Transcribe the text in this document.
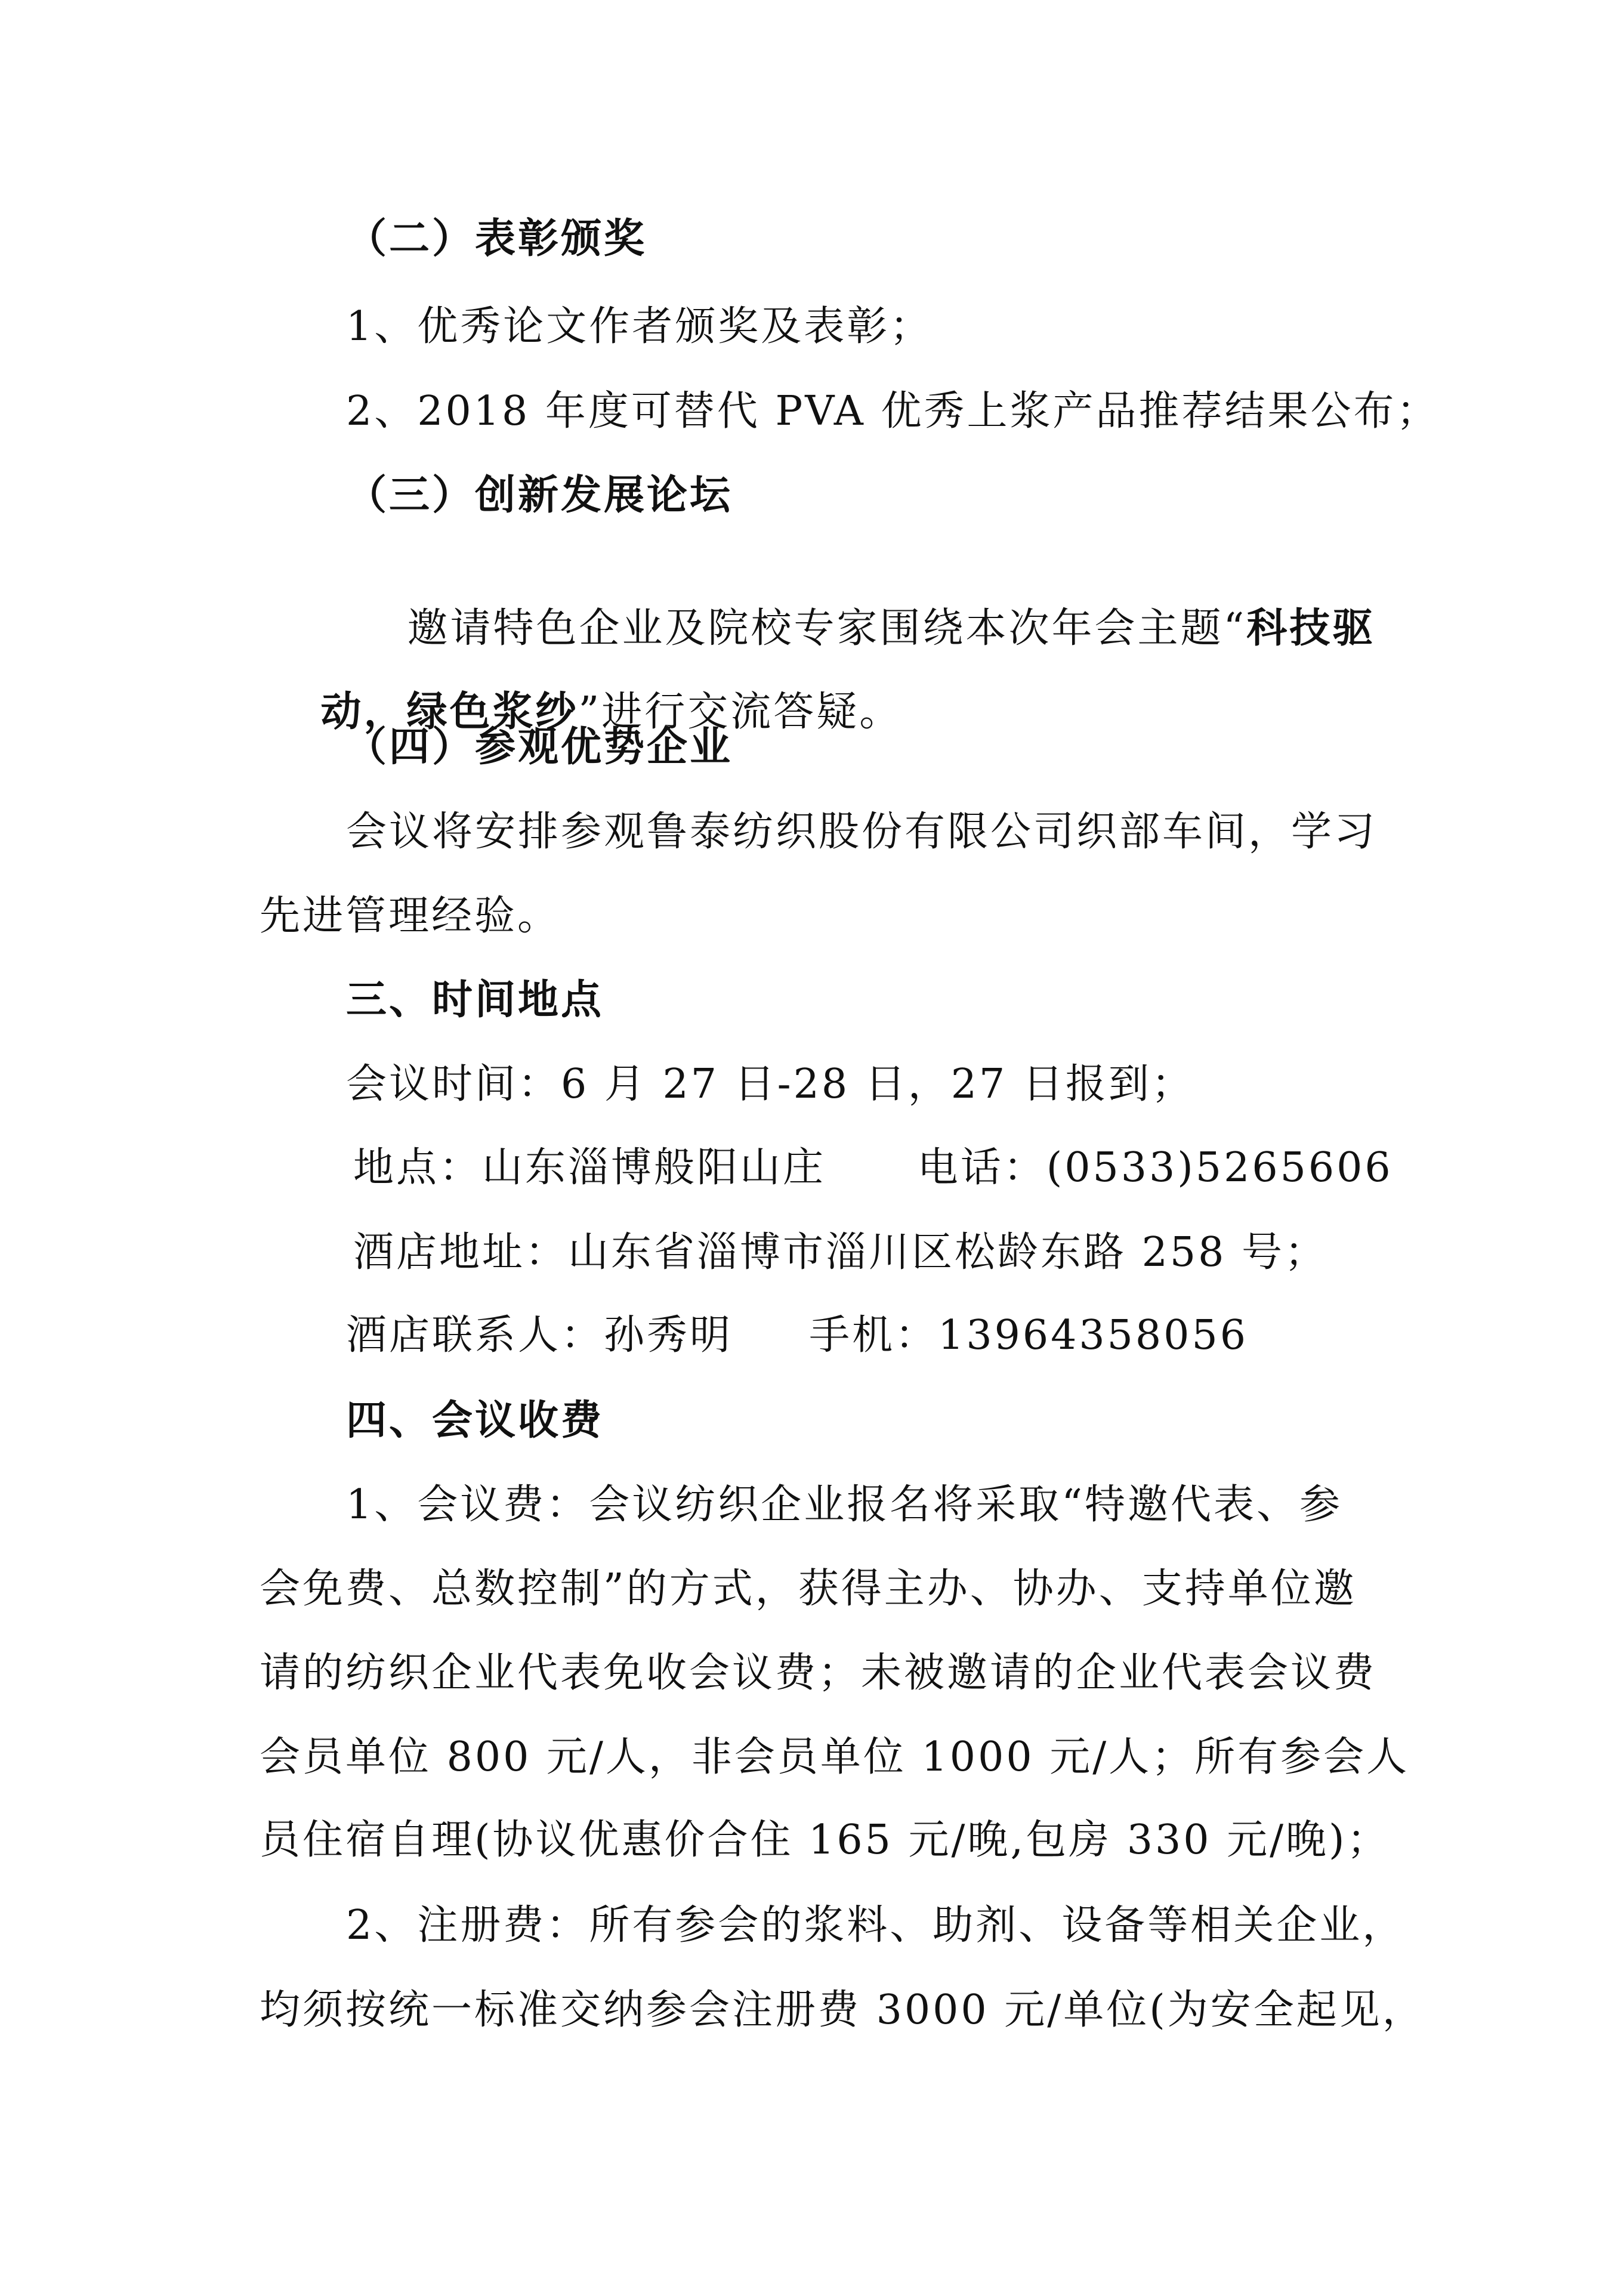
（二）表彰颁奖
1、优秀论文作者颁奖及表彰；
2、2018 年度可替代 PVA 优秀上浆产品推荐结果公布；
（三）创新发展论坛

邀请特色企业及院校专家围绕本次年会主题“科技驱

动，绿色浆纱”进行交流答疑。

（四）参观优势企业
会议将安排参观鲁泰纺织股份有限公司织部车间，学习
先进管理经验。
三、时间地点
会议时间：6 月 27 日-28 日，27 日报到；
地点：山东淄博般阳山庄      电话：(0533)5265606
酒店地址：山东省淄博市淄川区松龄东路 258 号；
酒店联系人：孙秀明     手机：13964358056
四、会议收费
1、会议费：会议纺织企业报名将采取“特邀代表、参
会免费、总数控制”的方式，获得主办、协办、支持单位邀
请的纺织企业代表免收会议费；未被邀请的企业代表会议费
会员单位 800 元/人，非会员单位 1000 元/人；所有参会人
员住宿自理(协议优惠价合住 165 元/晚,包房 330 元/晚)；
2、注册费：所有参会的浆料、助剂、设备等相关企业，
均须按统一标准交纳参会注册费 3000 元/单位(为安全起见，
